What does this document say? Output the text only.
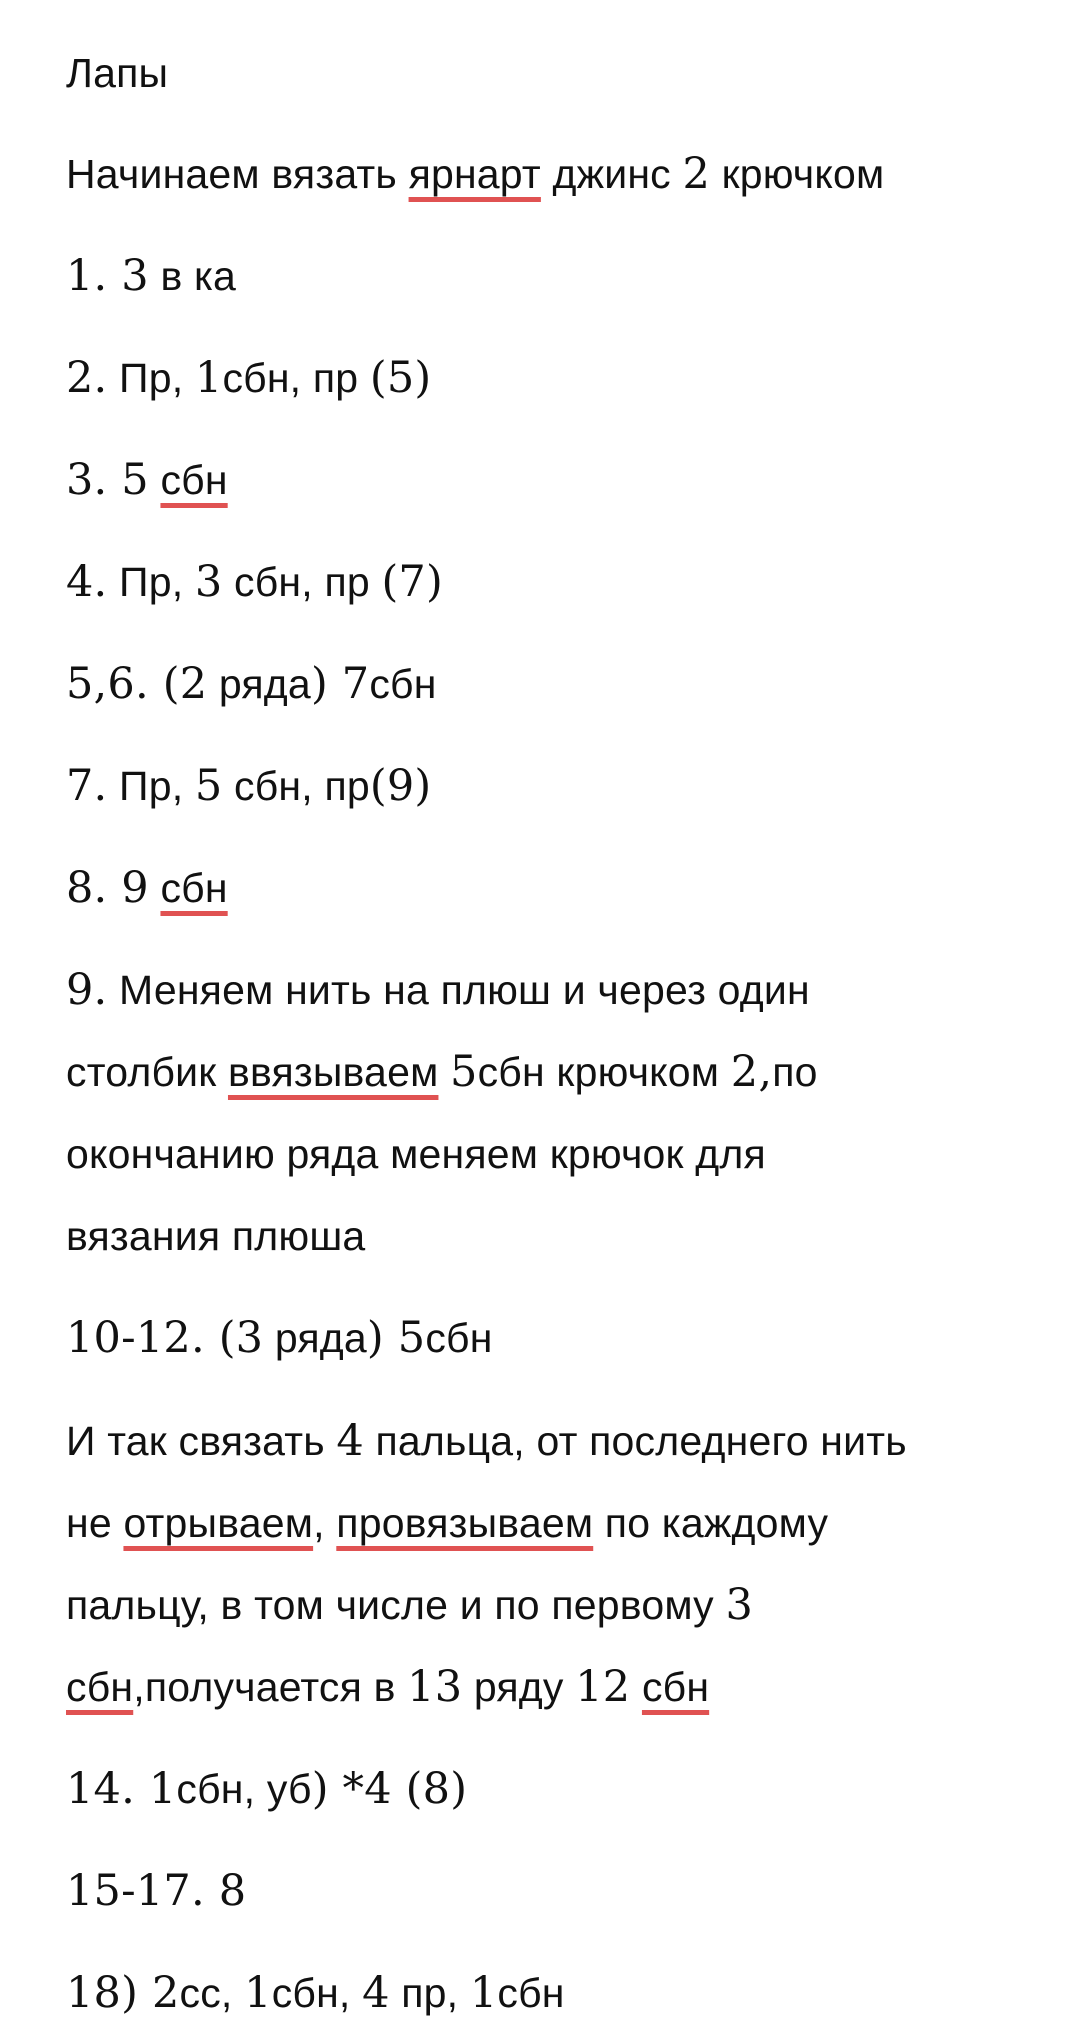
Лапы
Начинаем вязать ярнарт джинс 2 крючком
1. 3 в ка
2. Пр, 1сбн, пр (5)
3. 5 сбн
4. Пр, 3 сбн, пр (7)
5,6. (2 ряда) 7сбн
7. Пр, 5 сбн, пр(9)
8. 9 сбн
9. Меняем нить на плюш и через один
столбик ввязываем 5сбн крючком 2,по
окончанию ряда меняем крючок для
вязания плюша
10-12. (3 ряда) 5сбн
И так связать 4 пальца, от последнего нить
не отрываем, провязываем по каждому
пальцу, в том числе и по первому 3
сбн,получается в 13 ряду 12 сбн
14. 1сбн, уб) *4 (8)
15-17. 8
18) 2сс, 1сбн, 4 пр, 1сбн
